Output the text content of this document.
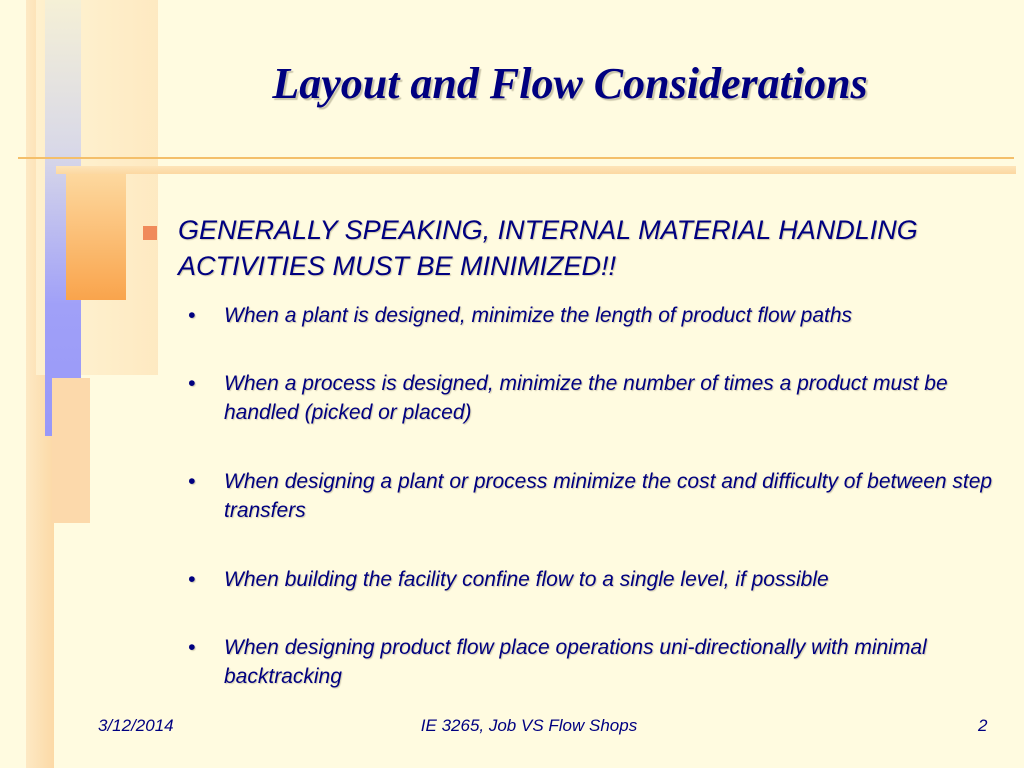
Layout and Flow Considerations
GENERALLY SPEAKING, INTERNAL MATERIAL HANDLING ACTIVITIES MUST BE MINIMIZED!!
• When a plant is designed, minimize the length of product flow paths
• When a process is designed, minimize the number of times a product must be handled (picked or placed)
• When designing a plant or process minimize the cost and difficulty of between step transfers
• When building the facility confine flow to a single level, if possible
• When designing product flow place operations uni-directionally with minimal backtracking
3/12/2014	IE 3265, Job VS Flow Shops	2
